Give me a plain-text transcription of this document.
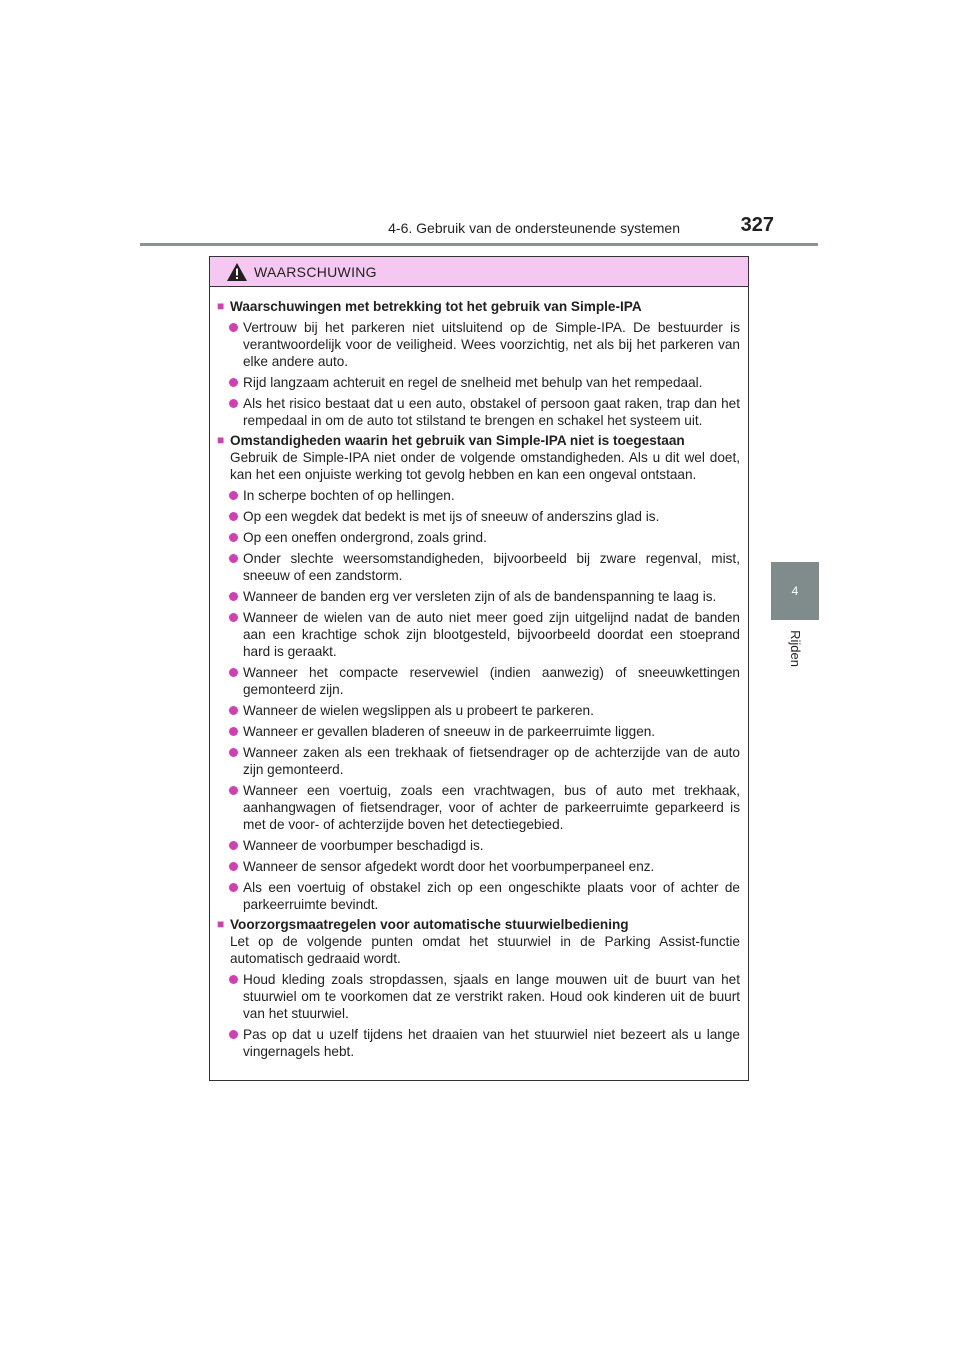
4-6. Gebruik van de ondersteunende systemen	327
4
Rijden
WAARSCHUWING
■ Waarschuwingen met betrekking tot het gebruik van Simple-IPA
Vertrouw bij het parkeren niet uitsluitend op de Simple-IPA. De bestuurder is verantwoordelijk voor de veiligheid. Wees voorzichtig, net als bij het parkeren van elke andere auto.
Rijd langzaam achteruit en regel de snelheid met behulp van het rempedaal.
Als het risico bestaat dat u een auto, obstakel of persoon gaat raken, trap dan het rempedaal in om de auto tot stilstand te brengen en schakel het systeem uit.
■ Omstandigheden waarin het gebruik van Simple-IPA niet is toegestaan
Gebruik de Simple-IPA niet onder de volgende omstandigheden. Als u dit wel doet, kan het een onjuiste werking tot gevolg hebben en kan een ongeval ontstaan.
In scherpe bochten of op hellingen.
Op een wegdek dat bedekt is met ijs of sneeuw of anderszins glad is.
Op een oneffen ondergrond, zoals grind.
Onder slechte weersomstandigheden, bijvoorbeeld bij zware regenval, mist, sneeuw of een zandstorm.
Wanneer de banden erg ver versleten zijn of als de bandenspanning te laag is.
Wanneer de wielen van de auto niet meer goed zijn uitgelijnd nadat de banden aan een krachtige schok zijn blootgesteld, bijvoorbeeld doordat een stoeprand hard is geraakt.
Wanneer het compacte reservewiel (indien aanwezig) of sneeuwkettingen gemonteerd zijn.
Wanneer de wielen wegslippen als u probeert te parkeren.
Wanneer er gevallen bladeren of sneeuw in de parkeerruimte liggen.
Wanneer zaken als een trekhaak of fietsendrager op de achterzijde van de auto zijn gemonteerd.
Wanneer een voertuig, zoals een vrachtwagen, bus of auto met trekhaak, aanhangwagen of fietsendrager, voor of achter de parkeerruimte geparkeerd is met de voor- of achterzijde boven het detectiegebied.
Wanneer de voorbumper beschadigd is.
Wanneer de sensor afgedekt wordt door het voorbumperpaneel enz.
Als een voertuig of obstakel zich op een ongeschikte plaats voor of achter de parkeerruimte bevindt.
■ Voorzorgsmaatregelen voor automatische stuurwielbediening
Let op de volgende punten omdat het stuurwiel in de Parking Assist-functie automatisch gedraaid wordt.
Houd kleding zoals stropdassen, sjaals en lange mouwen uit de buurt van het stuurwiel om te voorkomen dat ze verstrikt raken. Houd ook kinderen uit de buurt van het stuurwiel.
Pas op dat u uzelf tijdens het draaien van het stuurwiel niet bezeert als u lange vingernagels hebt.
